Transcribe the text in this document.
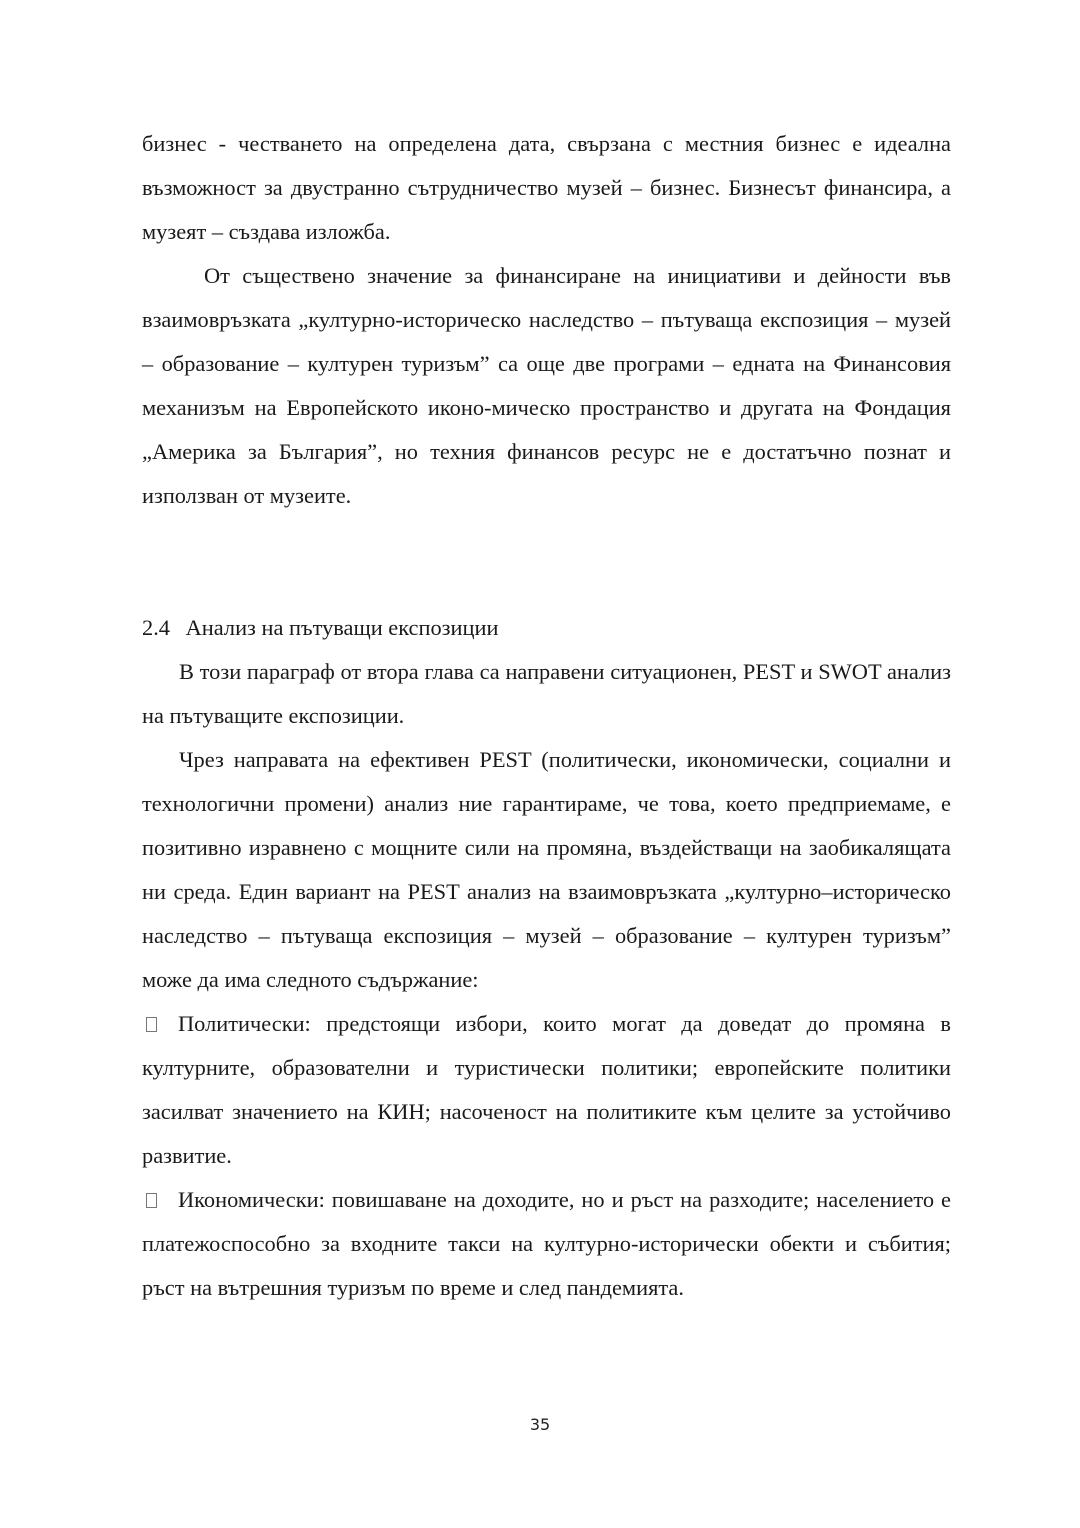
бизнес - честването на определена дата, свързана с местния бизнес е идеална възможност за двустранно сътрудничество музей – бизнес. Бизнесът финансира, а музеят – създава изложба.

От съществено значение за финансиране на инициативи и дейности във взаимовръзката „културно-историческо наследство – пътуваща експозиция – музей – образование – културен туризъм” са още две програми – едната на Финансовия механизъм на Европейското иконо-мическо пространство и другата на Фондация „Америка за България”, но техния финансов ресурс не е достатъчно познат и използван от музеите.

2.4 Анализ на пътуващи експозиции

В този параграф от втора глава са направени ситуационен, PEST и SWOT анализ на пътуващите експозиции.

Чрез направата на ефективен PEST (политически, икономически, социални и технологични промени) анализ ние гарантираме, че това, което предприемаме, е позитивно изравнено с мощните сили на промяна, въздействащи на заобикалящата ни среда. Един вариант на PEST анализ на взаимовръзката „културно–историческо наследство – пътуваща експозиция – музей – образование – културен туризъм” може да има следното съдържание:

Политически: предстоящи избори, които могат да доведат до промяна в културните, образователни и туристически политики; европейските политики засилват значението на КИН; насоченост на политиките към целите за устойчиво развитие.

Икономически: повишаване на доходите, но и ръст на разходите; населението е платежоспособно за входните такси на културно-исторически обекти и събития; ръст на вътрешния туризъм по време и след пандемията.

35
